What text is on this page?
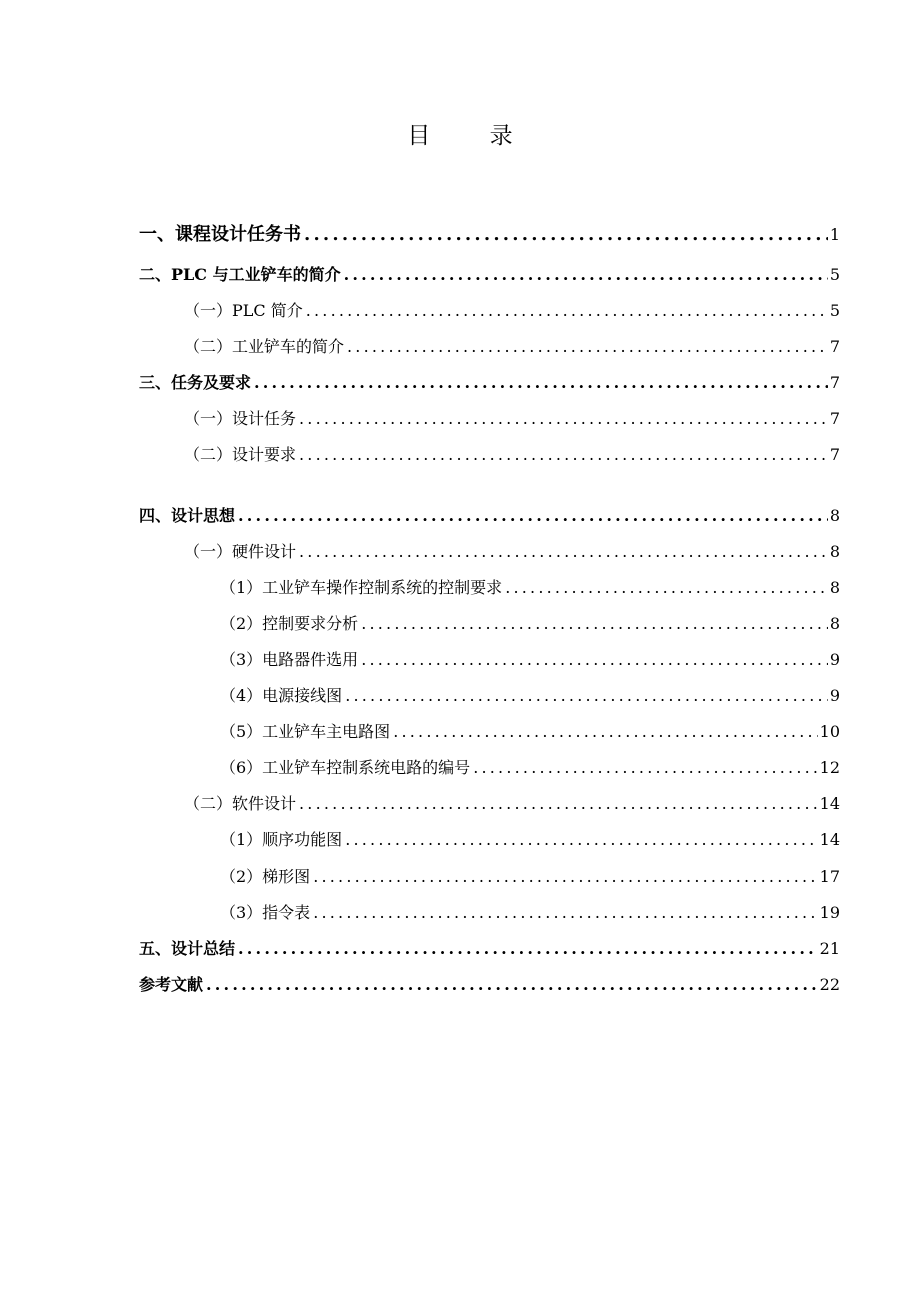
目 录
一、课程设计任务书 .....	1
二、PLC 与工业铲车的简介 .....	5
（一）PLC 简介 .....	5
（二）工业铲车的简介 .....	7
三、任务及要求 .....	7
（一）设计任务 .....	7
（二）设计要求 .....	7
四、设计思想 .....	8
（一）硬件设计 .....	8
（1）工业铲车操作控制系统的控制要求 .....	8
（2）控制要求分析 .....	8
（3）电路器件选用 .....	9
（4）电源接线图 .....	9
（5）工业铲车主电路图 .....	10
（6）工业铲车控制系统电路的编号 .....	12
（二）软件设计 .....	14
（1）顺序功能图 .....	14
（2）梯形图 .....	17
（3）指令表 .....	19
五、设计总结 .....	21
参考文献 .....	22
